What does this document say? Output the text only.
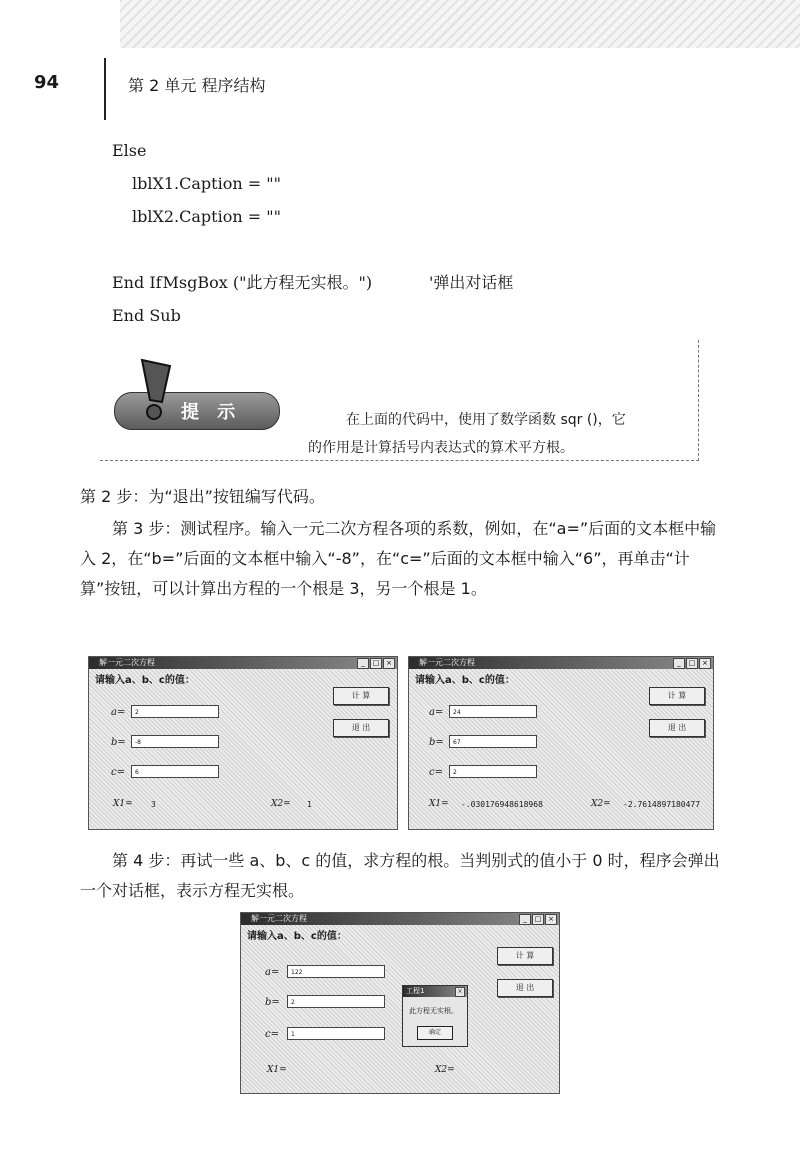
94	第 2 单元 程序结构
Else
lblX1.Caption = ""
lblX2.Caption = ""

MsgBox ("此方程无实根。")	'弹出对话框

End If
End Sub
提 示	在上面的代码中，使用了数学函数 sqr ()，它
的作用是计算括号内表达式的算术平方根。
第 2 步：为“退出”按钮编写代码。
第 3 步：测试程序。输入一元二次方程各项的系数，例如，在“a=”后面的文本框中输入 2，在“b=”后面的文本框中输入“-8”，在“c=”后面的文本框中输入“6”，再单击“计算”按钮，可以计算出方程的一个根是 3，另一个根是 1。
解一元二次方程	_	□ ×
请输入a、b、c的值：
a=	2
b=	-8
c=	6
计 算
退 出
X1= 3	X2= 1
解一元二次方程	_	□ ×
请输入a、b、c的值：
a=	24
b=	67
c=	2
计 算
退 出
X1= -.030176948618968	X2= -2.7614897180477
第 4 步：再试一些 a、b、c 的值，求方程的根。当判别式的值小于 0 时，程序会弹出一个对话框，表示方程无实根。
解一元二次方程	_	□ ×
请输入a、b、c的值：
a=	122
b=	2
c=	1
计 算
退 出
X1=	X2=
工程1	×
此方程无实根。
确定
